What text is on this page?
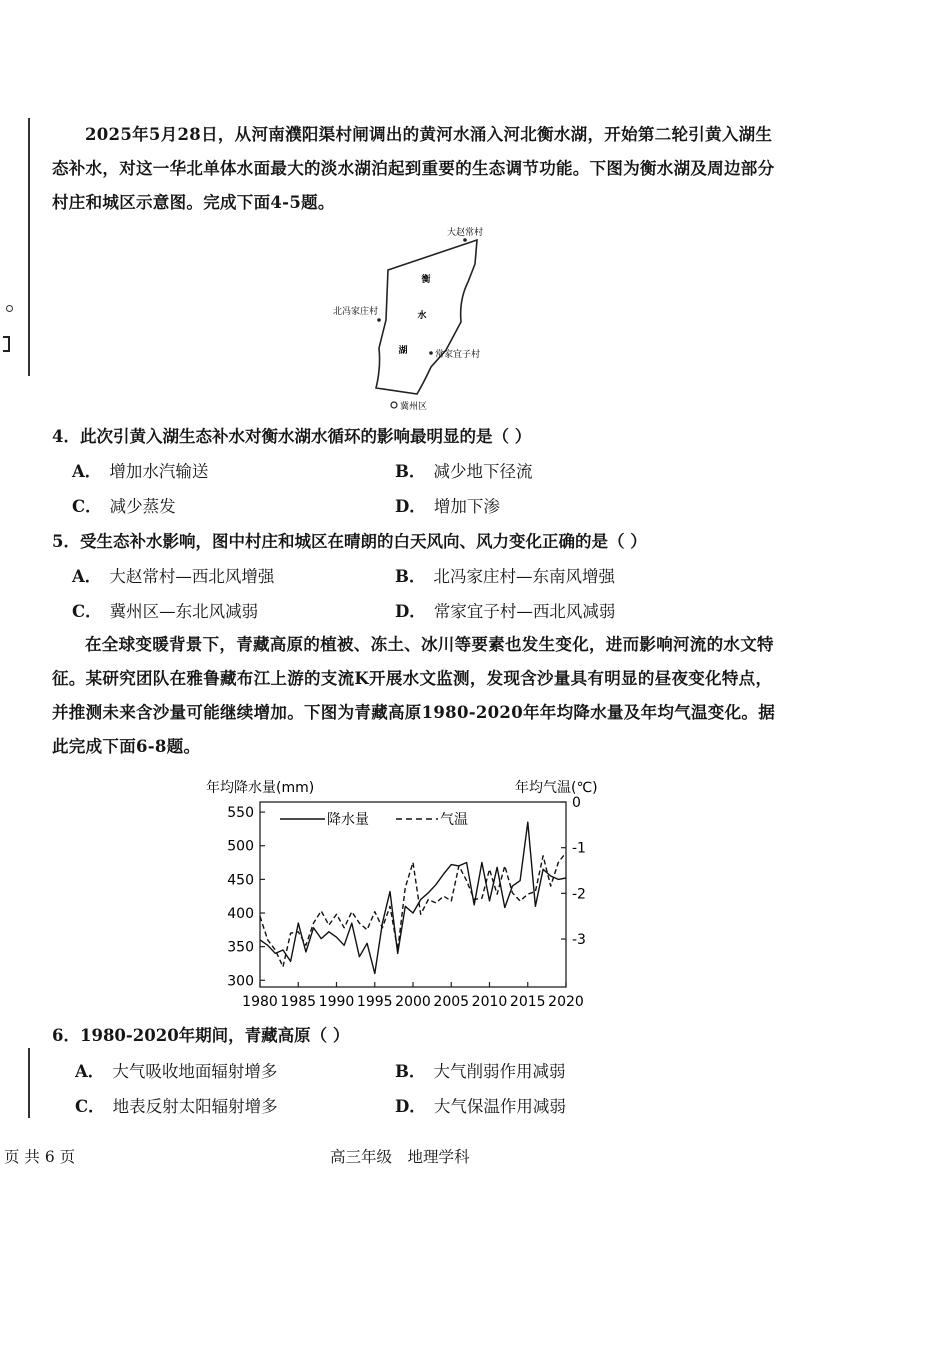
2025年5月28日，从河南濮阳渠村闸调出的黄河水涌入河北衡水湖，开始第二轮引黄入湖生态补水，对这一华北单体水面最大的淡水湖泊起到重要的生态调节功能。下图为衡水湖及周边部分村庄和城区示意图。完成下面4-5题。

衡
水
湖
大赵常村
北冯家庄村
常家宜子村
冀州区
4．此次引黄入湖生态补水对衡水湖水循环的影响最明显的是（ ）
A． 增加水汽输送	B． 减少地下径流
C． 减少蒸发	D． 增加下渗
5．受生态补水影响，图中村庄和城区在晴朗的白天风向、风力变化正确的是（ ）
A． 大赵常村—西北风增强	B． 北冯家庄村—东南风增强
C． 冀州区—东北风减弱	D． 常家宜子村—西北风减弱

在全球变暖背景下，青藏高原的植被、冻土、冰川等要素也发生变化，进而影响河流的水文特征。某研究团队在雅鲁藏布江上游的支流K开展水文监测，发现含沙量具有明显的昼夜变化特点，并推测未来含沙量可能继续增加。下图为青藏高原1980-2020年年均降水量及年均气温变化。据此完成下面6-8题。

年均降水量(mm)	年均气温(℃)
1980 1985 1990 1995 2000 2005 2010 2015 2020
300
350
400
450
500
550
0
-1
-2
-3
降水量	气温
6．1980-2020年期间，青藏高原（ ）
A． 大气吸收地面辐射增多	B． 大气削弱作用减弱
C． 地表反射太阳辐射增多	D． 大气保温作用减弱
页 共 6 页	高三年级　地理学科
